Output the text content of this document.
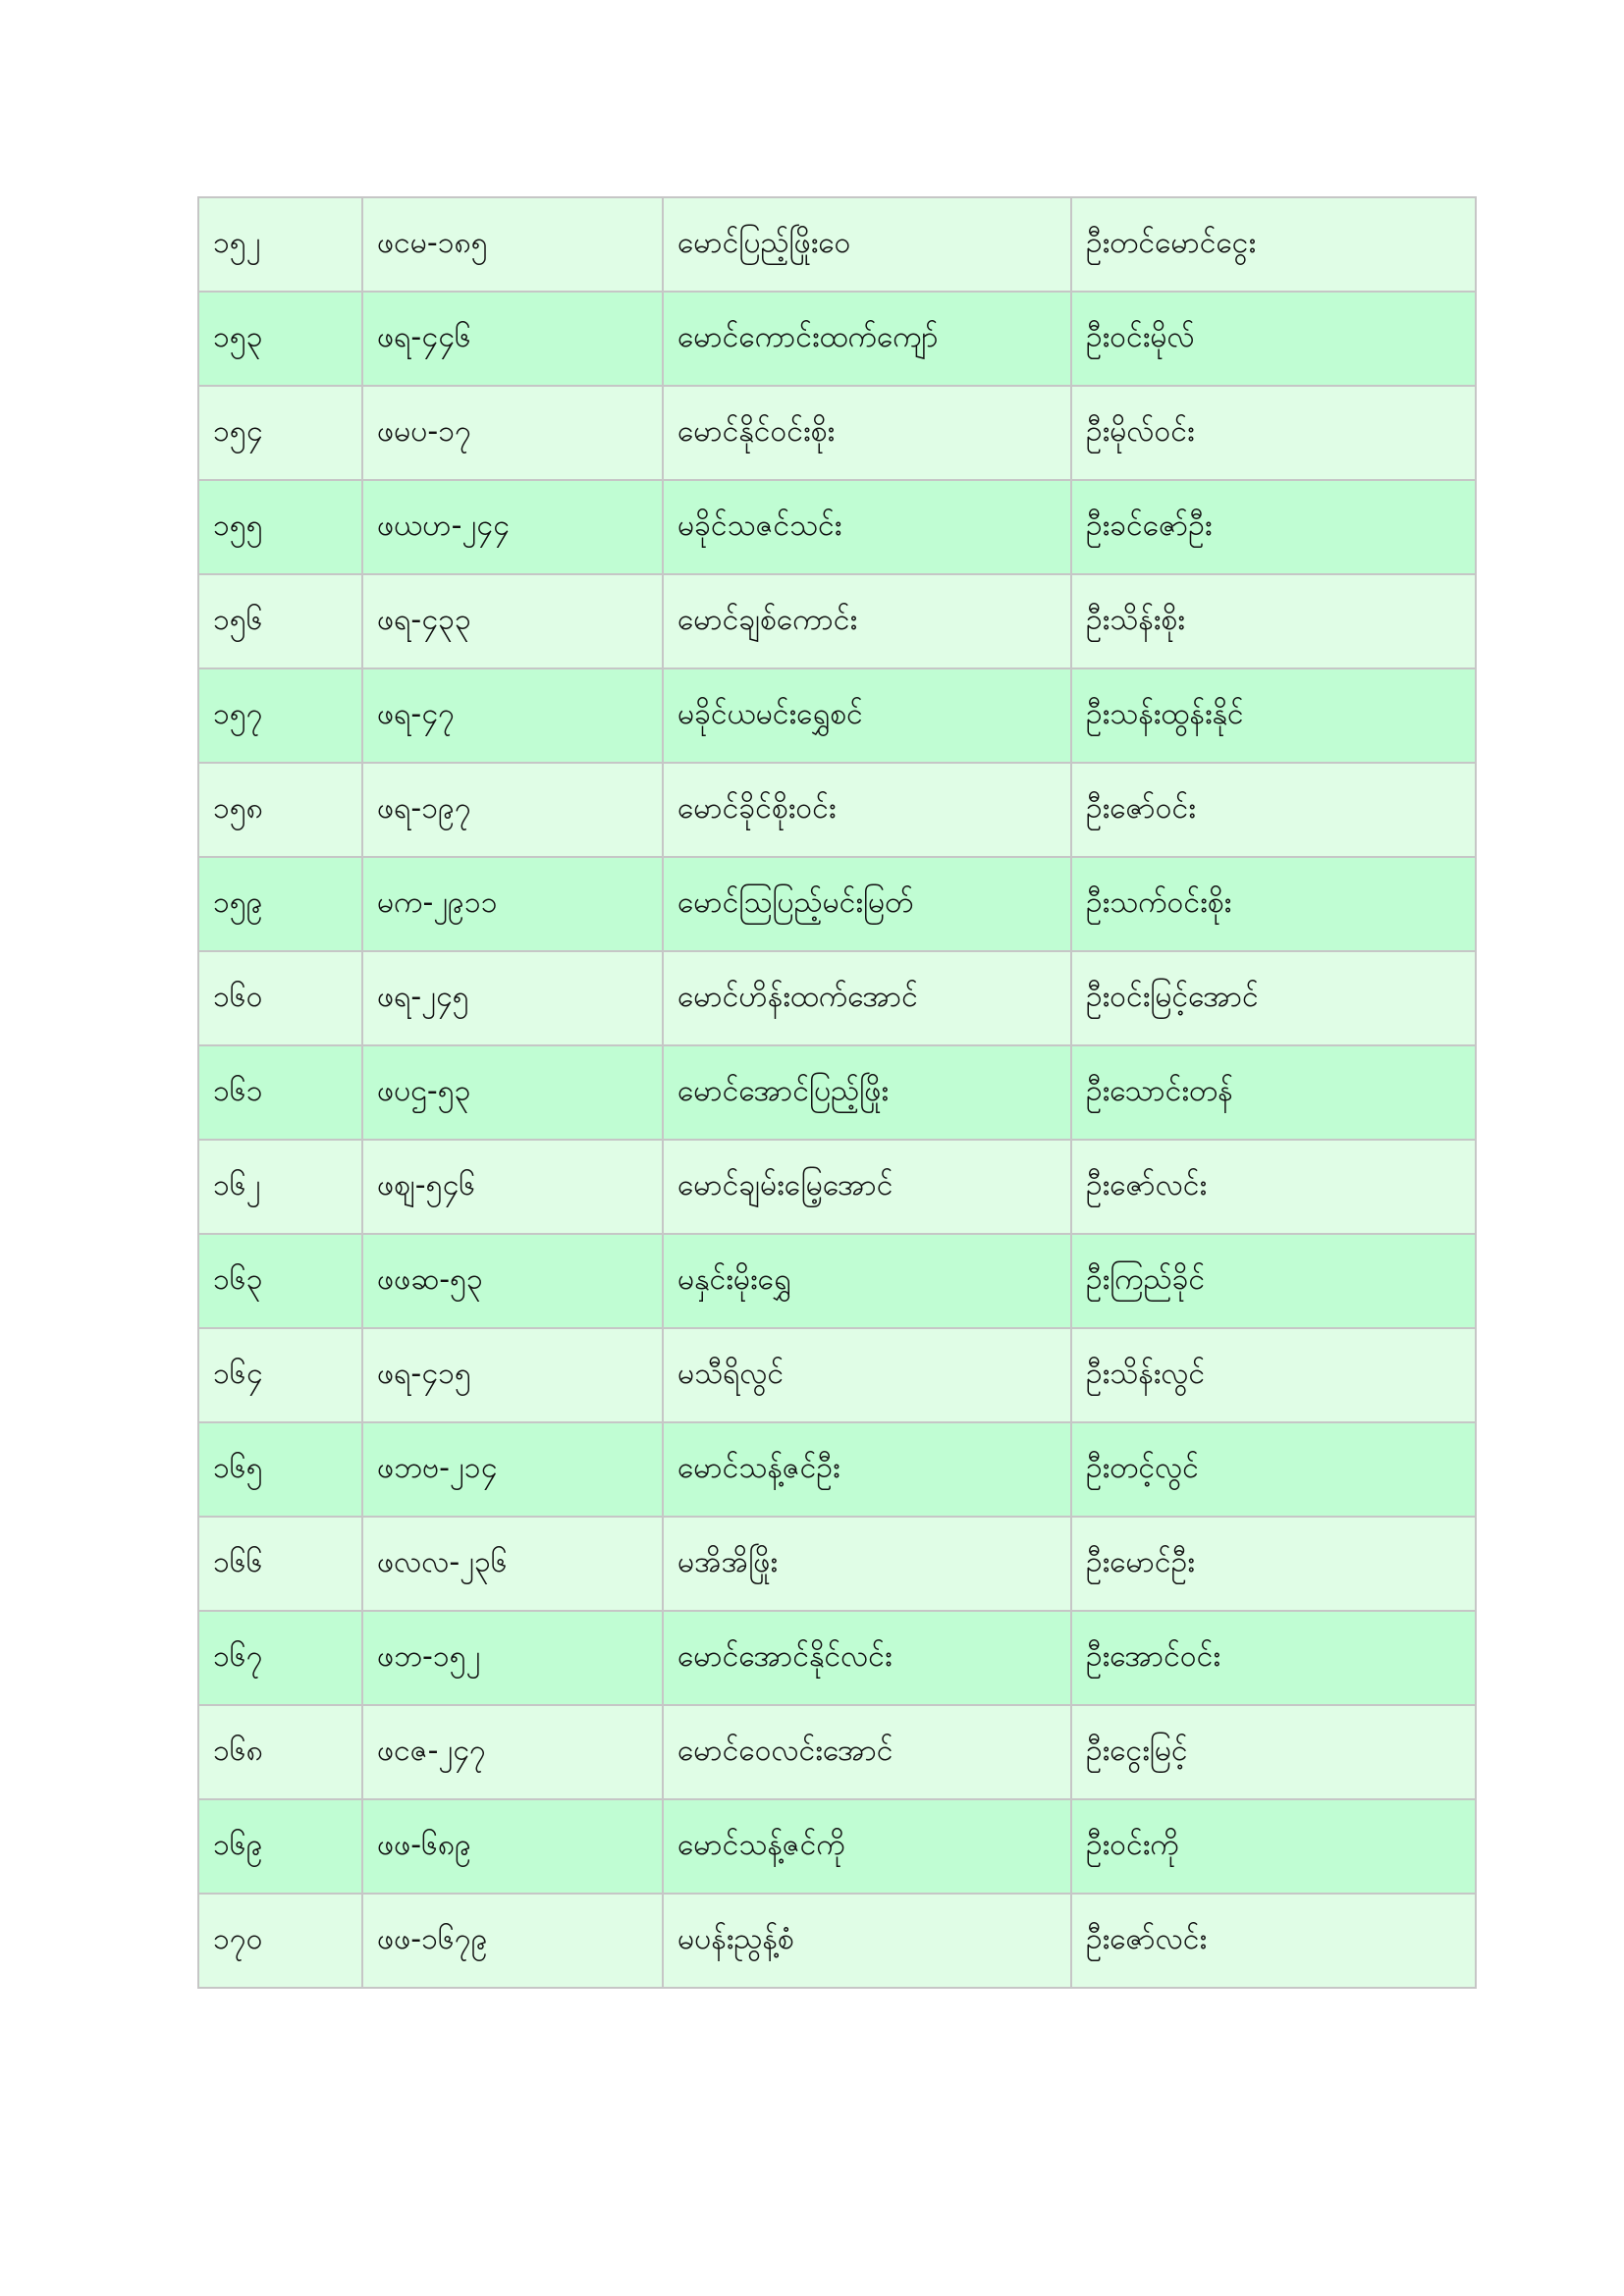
၁၅၂	ဖငမ-၁၈၅	မောင်ပြည့်ဖြိုးဝေ	ဦးတင်မောင်ငွေး
၁၅၃	ဖရ-၄၄၆	မောင်ကောင်းထက်ကျော်	ဦးဝင်းမိုလ်
၁၅၄	ဖမပ-၁၇	မောင်နိုင်ဝင်းစိုး	ဦးမိုလ်ဝင်း
၁၅၅	ဖယဟ-၂၄၄	မခိုင်သဇင်သင်း	ဦးခင်ဇော်ဦး
၁၅၆	ဖရ-၄၃၃	မောင်ချစ်ကောင်း	ဦးသိန်းစိုး
၁၅၇	ဖရ-၄၇	မခိုင်ယမင်းရွှေစင်	ဦးသန်းထွန်းနိုင်
၁၅၈	ဖရ-၁၉၇	မောင်ခိုင်စိုးဝင်း	ဦးဇော်ဝင်း
၁၅၉	မက-၂၉၁၁	မောင်သြပြည့်မင်းမြတ်	ဦးသက်ဝင်းစိုး
၁၆၀	ဖရ-၂၄၅	မောင်ဟိန်းထက်အောင်	ဦးဝင်းမြင့်အောင်
၁၆၁	ဖပဌ-၅၃	မောင်အောင်ပြည့်ဖြိုး	ဦးသောင်းတန်
၁၆၂	ဖစျ-၅၄၆	မောင်ချမ်းမြေ့အောင်	ဦးဇော်လင်း
၁၆၃	ဖဖဆ-၅၃	မနှင်းမိုးရွှေ	ဦးကြည်ခိုင်
၁၆၄	ဖရ-၄၁၅	မသီရိလွင်	ဦးသိန်းလွင်
၁၆၅	ဖဘဗ-၂၁၄	မောင်သန့်ဇင်ဦး	ဦးတင့်လွင်
၁၆၆	ဖလလ-၂၃၆	မအိအိဖြိုး	ဦးမောင်ဦး
၁၆၇	ဖဘ-၁၅၂	မောင်အောင်နိုင်လင်း	ဦးအောင်ဝင်း
၁၆၈	ဖငဇ-၂၄၇	မောင်ဝေလင်းအောင်	ဦးငွေးမြင့်
၁၆၉	ဖဖ-၆၈၉	မောင်သန့်ဇင်ကို	ဦးဝင်းကို
၁၇၀	ဖဖ-၁၆၇၉	မပန်းညွန့်စံ	ဦးဇော်လင်း
